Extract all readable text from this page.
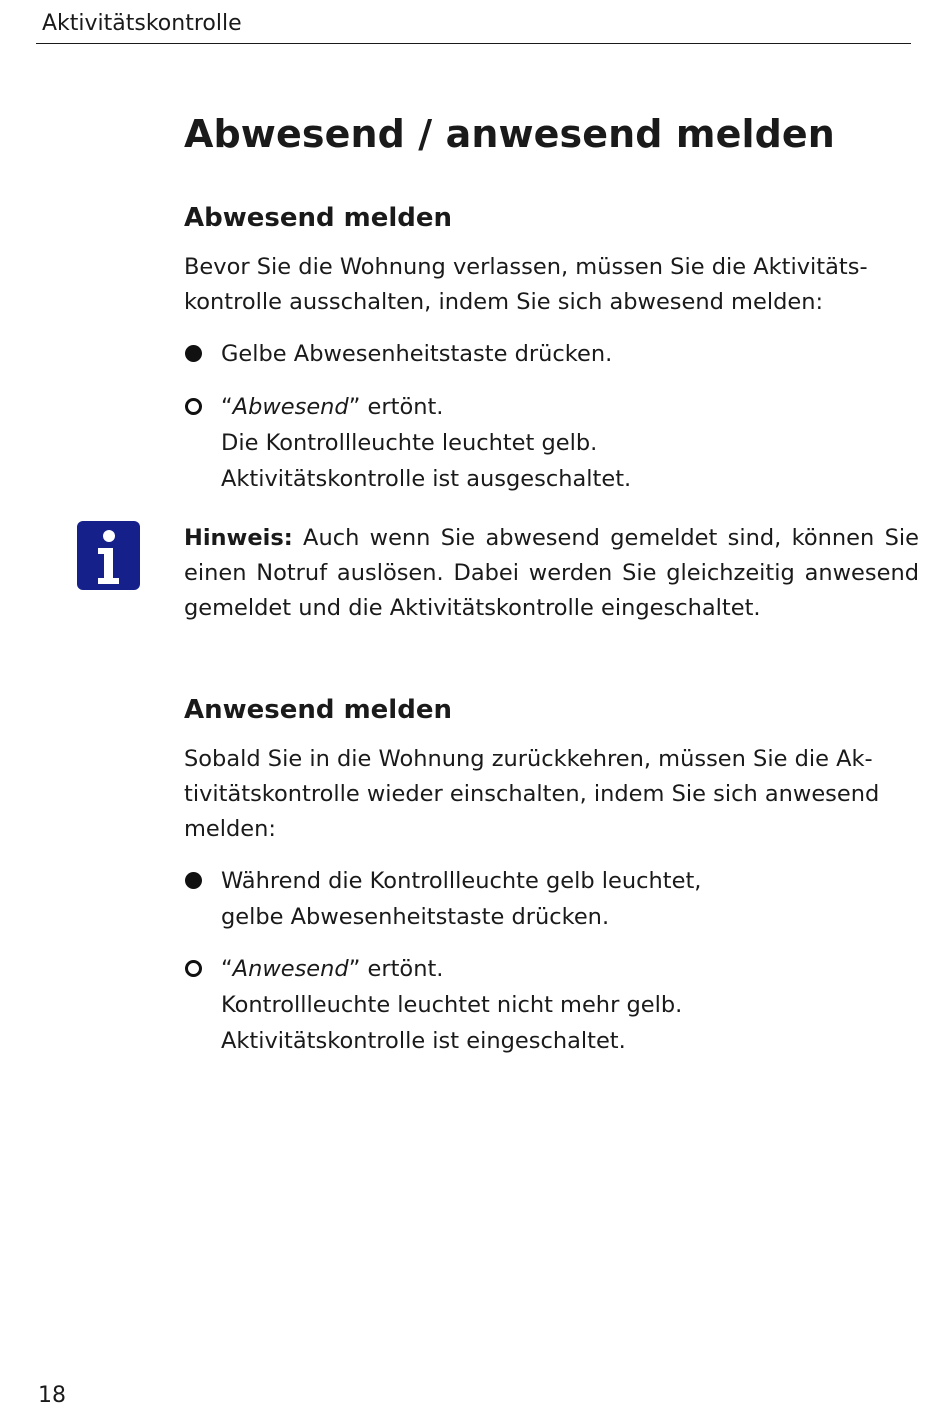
Aktivitätskontrolle
Abwesend / anwesend melden
Abwesend melden

Bevor Sie die Wohnung verlassen, müssen Sie die Aktivitäts-
kontrolle ausschalten, indem Sie sich abwesend melden:

Gelbe Abwesenheitstaste drücken.
“Abwesend” ertönt.
Die Kontrollleuchte leuchtet gelb.
Aktivitätskontrolle ist ausgeschaltet.

Hinweis: Auch wenn Sie abwesend gemeldet sind, können Sie einen Notruf auslösen. Dabei werden Sie gleichzeitig anwesend gemeldet und die Aktivitätskontrolle eingeschaltet.

Anwesend melden

Sobald Sie in die Wohnung zurückkehren, müssen Sie die Ak-
tivitätskontrolle wieder einschalten, indem Sie sich anwesend
melden:

Während die Kontrollleuchte gelb leuchtet,
gelbe Abwesenheitstaste drücken.
“Anwesend” ertönt.
Kontrollleuchte leuchtet nicht mehr gelb.
Aktivitätskontrolle ist eingeschaltet.
18
